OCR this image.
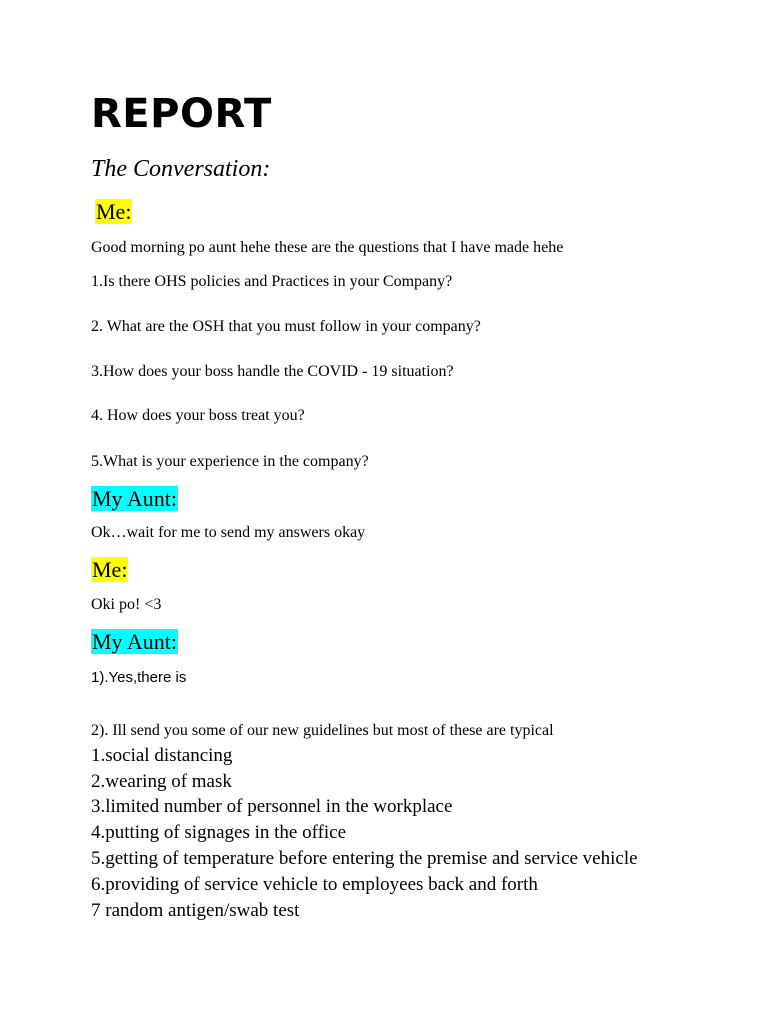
REPORT
The Conversation:
Me:
Good morning po aunt hehe these are the questions that I have made hehe
1.Is there OHS policies and Practices in your Company?
2. What are the OSH that you must follow in your company?
3.How does your boss handle the COVID - 19 situation?
4. How does your boss treat you?
5.What is your experience in the company?
My Aunt:
Ok…wait for me to send my answers okay
Me:
Oki po! <3
My Aunt:
1).Yes,there is
2). Ill send you some of our new guidelines but most of these are typical
1.social distancing
2.wearing of mask
3.limited number of personnel in the workplace
4.putting of signages in the office
5.getting of temperature before entering the premise and service vehicle
6.providing of service vehicle to employees back and forth
7 random antigen/swab test
